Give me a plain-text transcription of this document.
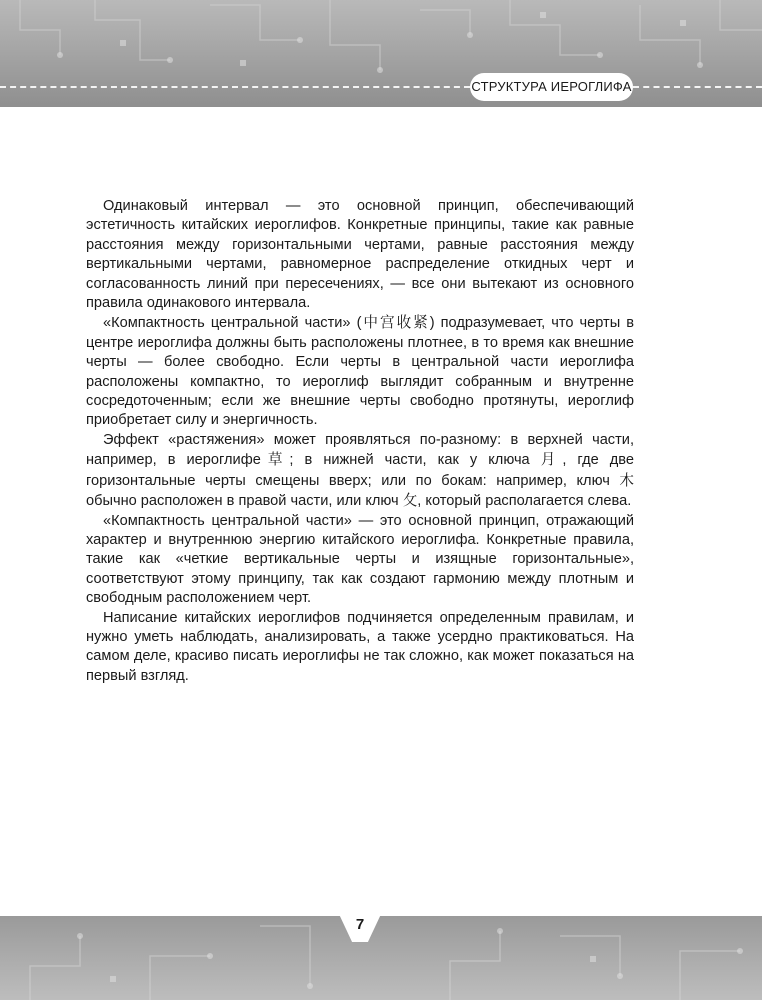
СТРУКТУРА ИЕРОГЛИФА

Одинаковый интервал — это основной принцип, обеспечивающий эстетичность китайских иероглифов. Конкретные принципы, такие как равные расстояния между горизонтальными чертами, равные расстояния между вертикальными чертами, равномерное распределение откидных черт и согласованность линий при пересечениях, — все они вытекают из основного правила одинакового интервала.

«Компактность центральной части» (中宫收紧) подразумевает, что черты в центре иероглифа должны быть расположены плотнее, в то время как внешние черты — более свободно. Если черты в центральной части иероглифа расположены компактно, то иероглиф выглядит собранным и внутренне сосредоточенным; если же внешние черты свободно протянуты, иероглиф приобретает силу и энергичность.

Эффект «растяжения» может проявляться по-разному: в верхней части, например, в иероглифе草; в нижней части, как у ключа 月, где две горизонтальные черты смещены вверх; или по бокам: например, ключ 木 обычно расположен в правой части, или ключ 攵, который располагается слева.

«Компактность центральной части» — это основной принцип, отражающий характер и внутреннюю энергию китайского иероглифа. Конкретные правила, такие как «четкие вертикальные черты и изящные горизонтальные», соответствуют этому принципу, так как создают гармонию между плотным и свободным расположением черт.

Написание китайских иероглифов подчиняется определенным правилам, и нужно уметь наблюдать, анализировать, а также усердно практиковаться. На самом деле, красиво писать иероглифы не так сложно, как может показаться на первый взгляд.

7
